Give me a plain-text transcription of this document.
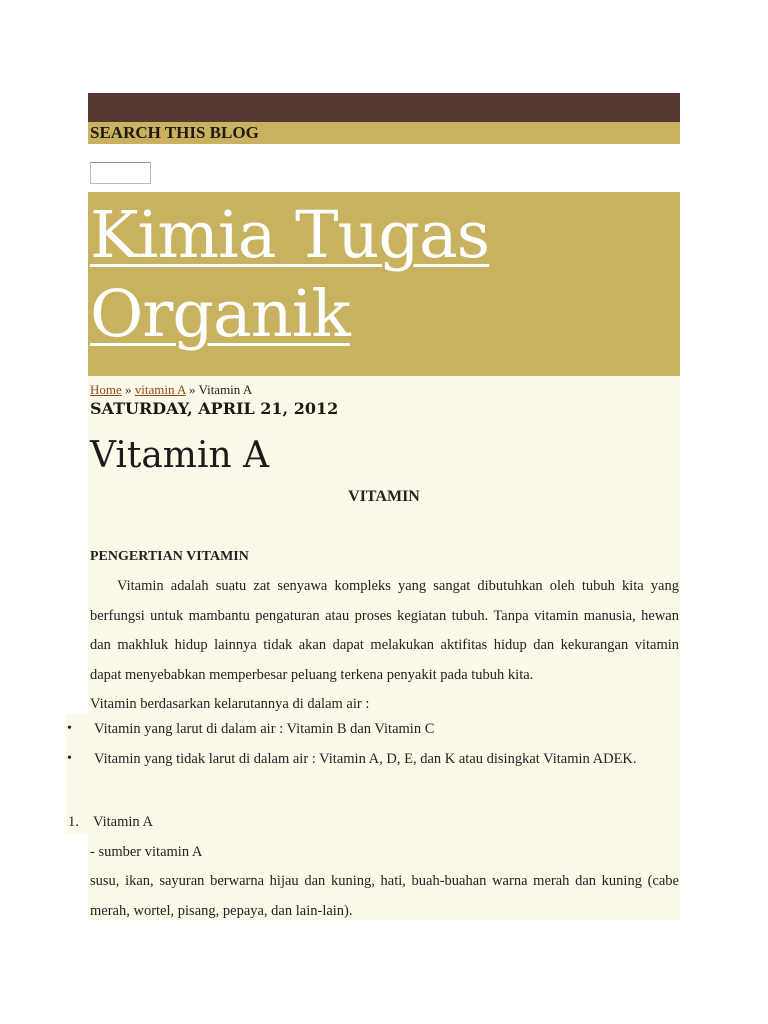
SEARCH THIS BLOG
Kimia Tugas
Organik
Home » vitamin A » Vitamin A
SATURDAY, APRIL 21, 2012
Vitamin A
VITAMIN
PENGERTIAN VITAMIN

Vitamin adalah suatu zat senyawa kompleks yang sangat dibutuhkan oleh tubuh kita yang berfungsi untuk mambantu pengaturan atau proses kegiatan tubuh. Tanpa vitamin manusia, hewan dan makhluk hidup lainnya tidak akan dapat melakukan aktifitas hidup dan kekurangan vitamin dapat menyebabkan memperbesar peluang terkena penyakit pada tubuh kita.

Vitamin berdasarkan kelarutannya di dalam air :
- sumber vitamin A

susu, ikan, sayuran berwarna hijau dan kuning, hati, buah-buahan warna merah dan kuning (cabe merah, wortel, pisang, pepaya, dan lain-lain).

• Vitamin yang larut di dalam air : Vitamin B dan Vitamin C
• Vitamin yang tidak larut di dalam air : Vitamin A, D, E, dan K atau disingkat Vitamin ADEK.
1. Vitamin A
